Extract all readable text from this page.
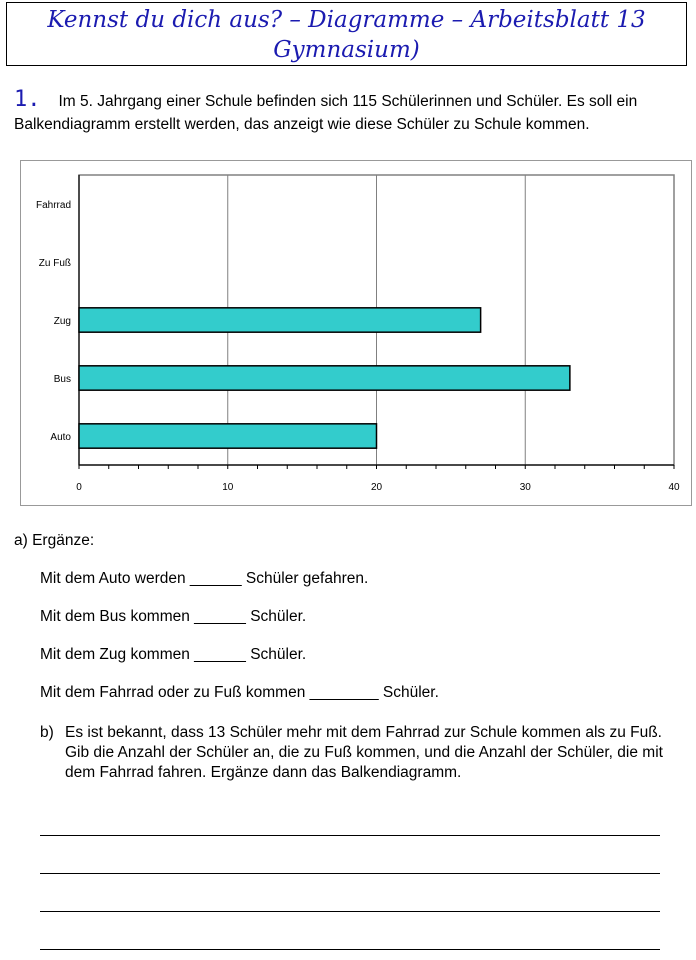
Kennst du dich aus? – Diagramme – Arbeitsblatt 13
Gymnasium)
1. Im 5. Jahrgang einer Schule befinden sich 115 Schülerinnen und Schüler. Es soll ein Balkendiagramm erstellt werden, das anzeigt wie diese Schüler zu Schule kommen.
0	10	20	30	40
Fahrrad
Zu Fuß
Zug
Bus
Auto
a) Ergänze:
Mit dem Auto werden ______ Schüler gefahren.
Mit dem Bus kommen ______ Schüler.
Mit dem Zug kommen ______ Schüler.
Mit dem Fahrrad oder zu Fuß kommen ________ Schüler.
b) Es ist bekannt, dass 13 Schüler mehr mit dem Fahrrad zur Schule kommen als zu Fuß. Gib die Anzahl der Schüler an, die zu Fuß kommen, und die Anzahl der Schüler, die mit dem Fahrrad fahren. Ergänze dann das Balkendiagramm.
